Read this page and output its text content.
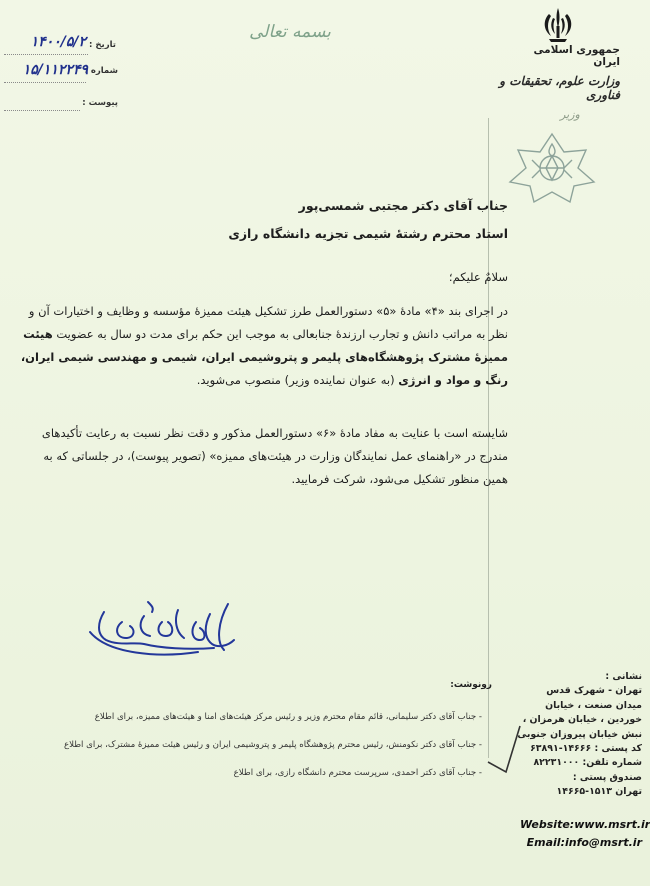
جمهوری اسلامی ایران
وزارت علوم، تحقیقات و فناوری
وزیر
بسمه تعالی
تاریخ :
۱۴۰۰/۵/۲
شماره :
۱۵/۱۱۲۲۴۹
پیوست :
جناب آقای دکتر مجتبی شمسی‌پور
استاد محترم رشتهٔ شیمی تجزیه دانشگاه رازی
سلامٌ علیکم؛
در اجرای بند «۴» مادهٔ «۵» دستورالعمل طرز تشکیل هیئت ممیزهٔ مؤسسه و وظایف و اختیارات آن و نظر به مراتب دانش و تجارب ارزندهٔ جنابعالی به موجب این حکم برای مدت دو سال به عضویت هیئت ممیزهٔ مشترک پژوهشگاه‌های پلیمر و پتروشیمی ایران، شیمی و مهندسی شیمی ایران، رنگ و مواد و انرژی (به عنوان نماینده وزیر) منصوب می‌شوید.
شایسته است با عنایت به مفاد مادهٔ «۶» دستورالعمل مذکور و دقت نظر نسبت به رعایت تأکیدهای مندرج در «راهنمای عمل نمایندگان وزارت در هیئت‌های ممیزه» (تصویر پیوست)، در جلساتی که به همین منظور تشکیل می‌شود، شرکت فرمایید.
رونوشت:
- جناب آقای دکتر سلیمانی، قائم مقام محترم وزیر و رئیس مرکز هیئت‌های امنا و هیئت‌های ممیزه، برای اطلاع
- جناب آقای دکتر نکومنش، رئیس محترم پژوهشگاه پلیمر و پتروشیمی ایران و رئیس هیئت ممیزهٔ مشترک، برای اطلاع
- جناب آقای دکتر احمدی، سرپرست محترم دانشگاه رازی، برای اطلاع
نشانی :
تهران - شهرک قدس
میدان صنعت ، خیابان
خوردین ، خیابان هرمزان ،
نبش خیابان پیروزان جنوبی
کد پستی : ۱۴۶۶۶-۶۳۸۹۱
شماره تلفن: ۸۲۲۳۱۰۰۰
صندوق پستی :
تهران ۱۵۱۳-۱۴۶۶۵
Website:www.msrt.ir
Email:info@msrt.ir
